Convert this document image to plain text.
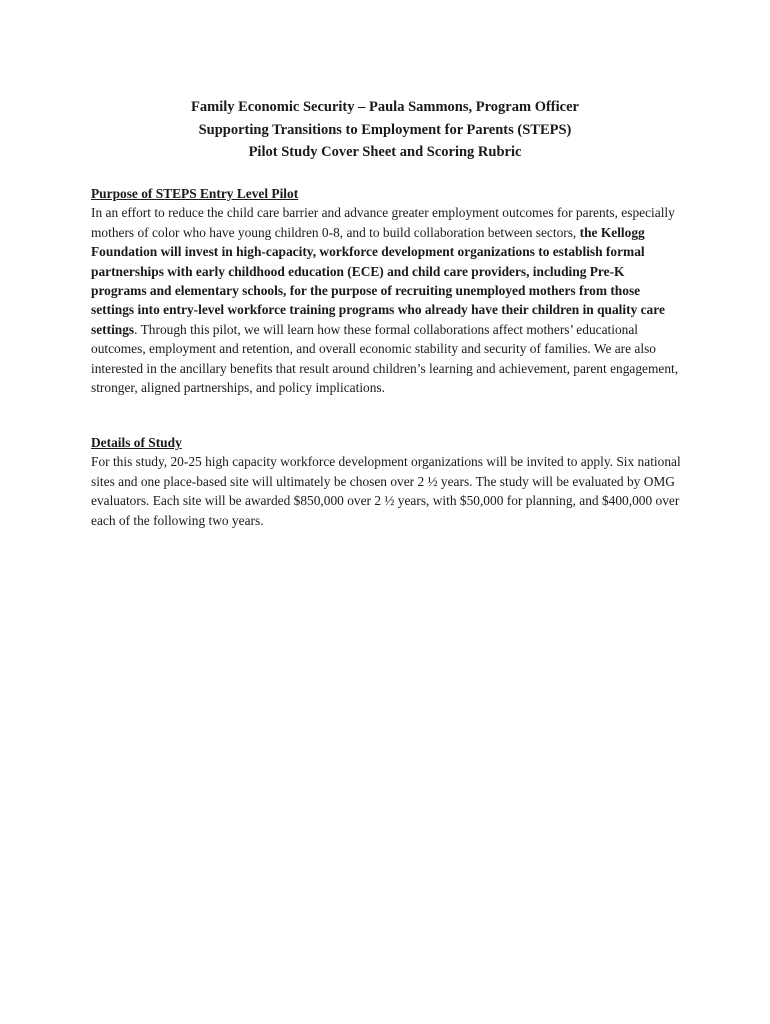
Family Economic Security – Paula Sammons, Program Officer
Supporting Transitions to Employment for Parents (STEPS)
Pilot Study Cover Sheet and Scoring Rubric
Purpose of STEPS Entry Level Pilot

In an effort to reduce the child care barrier and advance greater employment outcomes for parents, especially mothers of color who have young children 0-8, and to build collaboration between sectors, the Kellogg Foundation will invest in high-capacity, workforce development organizations to establish formal partnerships with early childhood education (ECE) and child care providers, including Pre-K programs and elementary schools, for the purpose of recruiting unemployed mothers from those settings into entry-level workforce training programs who already have their children in quality care settings. Through this pilot, we will learn how these formal collaborations affect mothers’ educational outcomes, employment and retention, and overall economic stability and security of families. We are also interested in the ancillary benefits that result around children’s learning and achievement, parent engagement, stronger, aligned partnerships, and policy implications.

Details of Study

For this study, 20-25 high capacity workforce development organizations will be invited to apply. Six national sites and one place-based site will ultimately be chosen over 2 ½ years. The study will be evaluated by OMG evaluators. Each site will be awarded $850,000 over 2 ½ years, with $50,000 for planning, and $400,000 over each of the following two years.
